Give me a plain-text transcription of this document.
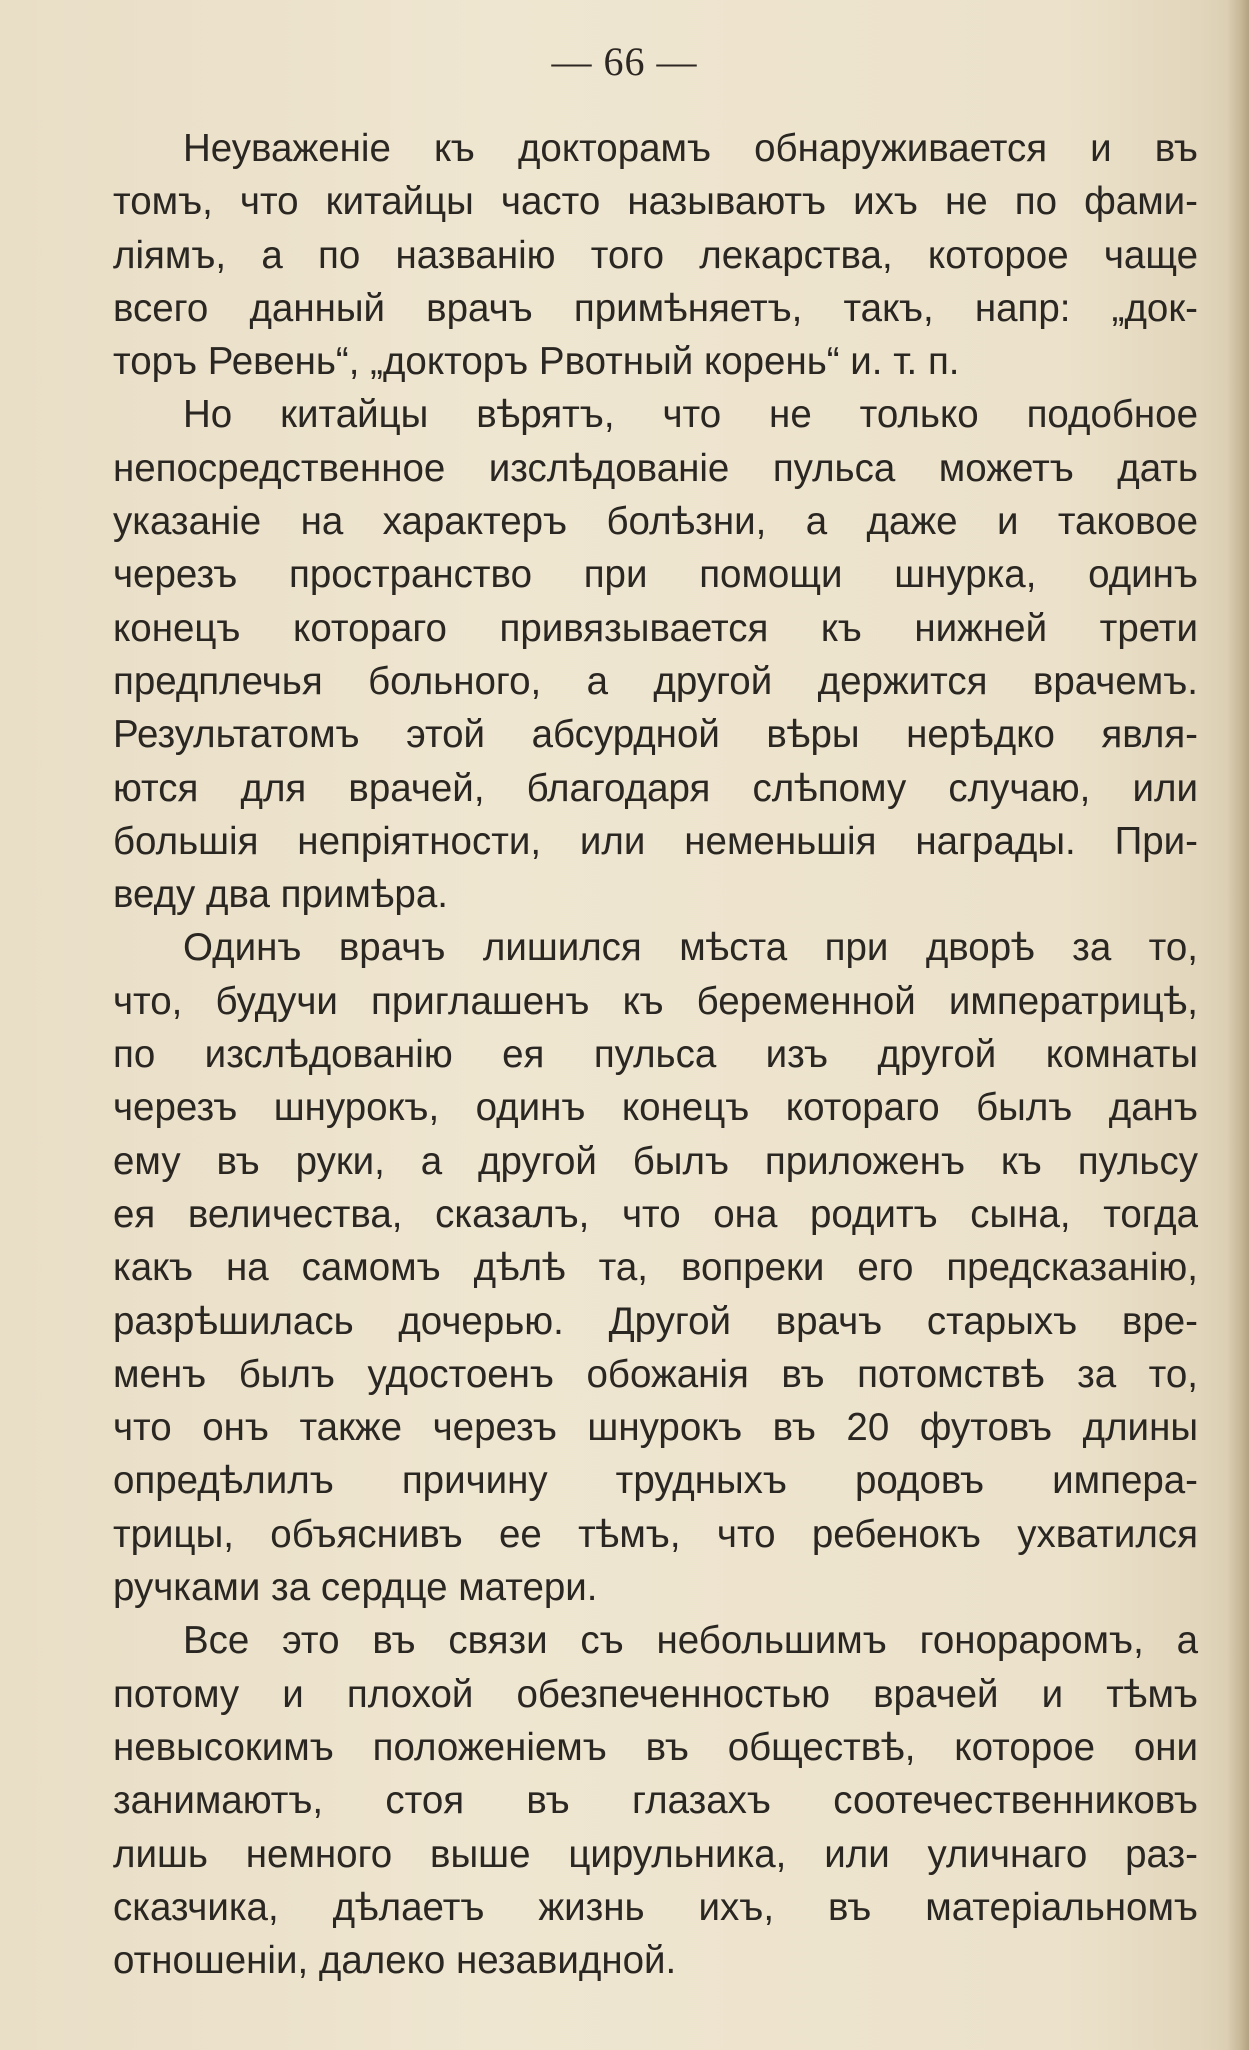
— 66 —
Неуваженіе къ докторамъ обнаруживается и въ
томъ, что китайцы часто называютъ ихъ не по фами-
ліямъ, а по названію того лекарства, которое чаще
всего данный врачъ примѣняетъ, такъ, напр: „док-
торъ Ревень“, „докторъ Рвотный корень“ и. т. п.
Но китайцы вѣрятъ, что не только подобное
непосредственное изслѣдованіе пульса можетъ дать
указаніе на характеръ болѣзни, а даже и таковое
черезъ пространство при помощи шнурка, одинъ
конецъ котораго привязывается къ нижней трети
предплечья больного, а другой держится врачемъ.
Результатомъ этой абсурдной вѣры нерѣдко явля-
ются для врачей, благодаря слѣпому случаю, или
большія непріятности, или неменьшія награды. При-
веду два примѣра.
Одинъ врачъ лишился мѣста при дворѣ за то,
что, будучи приглашенъ къ беременной императрицѣ,
по изслѣдованію ея пульса изъ другой комнаты
черезъ шнурокъ, одинъ конецъ котораго былъ данъ
ему въ руки, а другой былъ приложенъ къ пульсу
ея величества, сказалъ, что она родитъ сына, тогда
какъ на самомъ дѣлѣ та, вопреки его предсказанію,
разрѣшилась дочерью. Другой врачъ старыхъ вре-
менъ былъ удостоенъ обожанія въ потомствѣ за то,
что онъ также черезъ шнурокъ въ 20 футовъ длины
опредѣлилъ причину трудныхъ родовъ импера-
трицы, объяснивъ ее тѣмъ, что ребенокъ ухватился
ручками за сердце матери.
Все это въ связи съ небольшимъ гонораромъ, а
потому и плохой обезпеченностью врачей и тѣмъ
невысокимъ положеніемъ въ обществѣ, которое они
занимаютъ, стоя въ глазахъ соотечественниковъ
лишь немного выше цирульника, или уличнаго раз-
сказчика, дѣлаетъ жизнь ихъ, въ матеріальномъ
отношеніи, далеко незавидной.
